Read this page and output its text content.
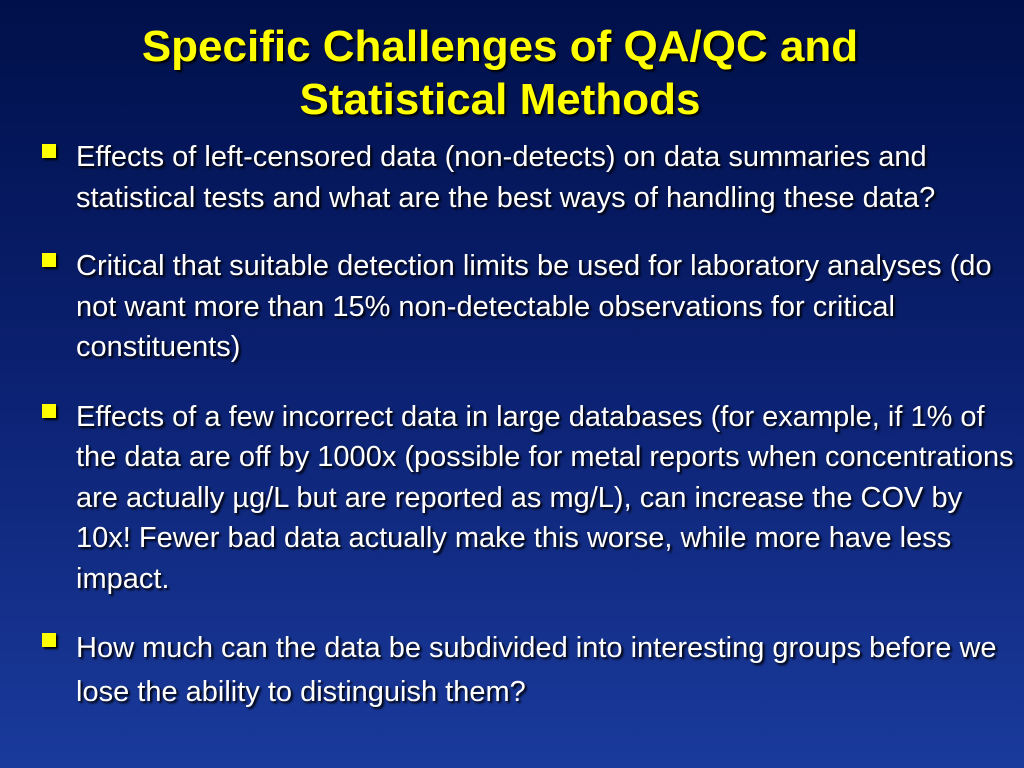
Specific Challenges of QA/QC and
Statistical Methods
Effects of left-censored data (non-detects) on data summaries and statistical tests and what are the best ways of handling these data?
Critical that suitable detection limits be used for laboratory analyses (do not want more than 15% non-detectable observations for critical constituents)
Effects of a few incorrect data in large databases (for example, if 1% of the data are off by 1000x (possible for metal reports when concentrations are actually µg/L but are reported as mg/L), can increase the COV by 10x! Fewer bad data actually make this worse, while more have less impact.
How much can the data be subdivided into interesting groups before we lose the ability to distinguish them?
